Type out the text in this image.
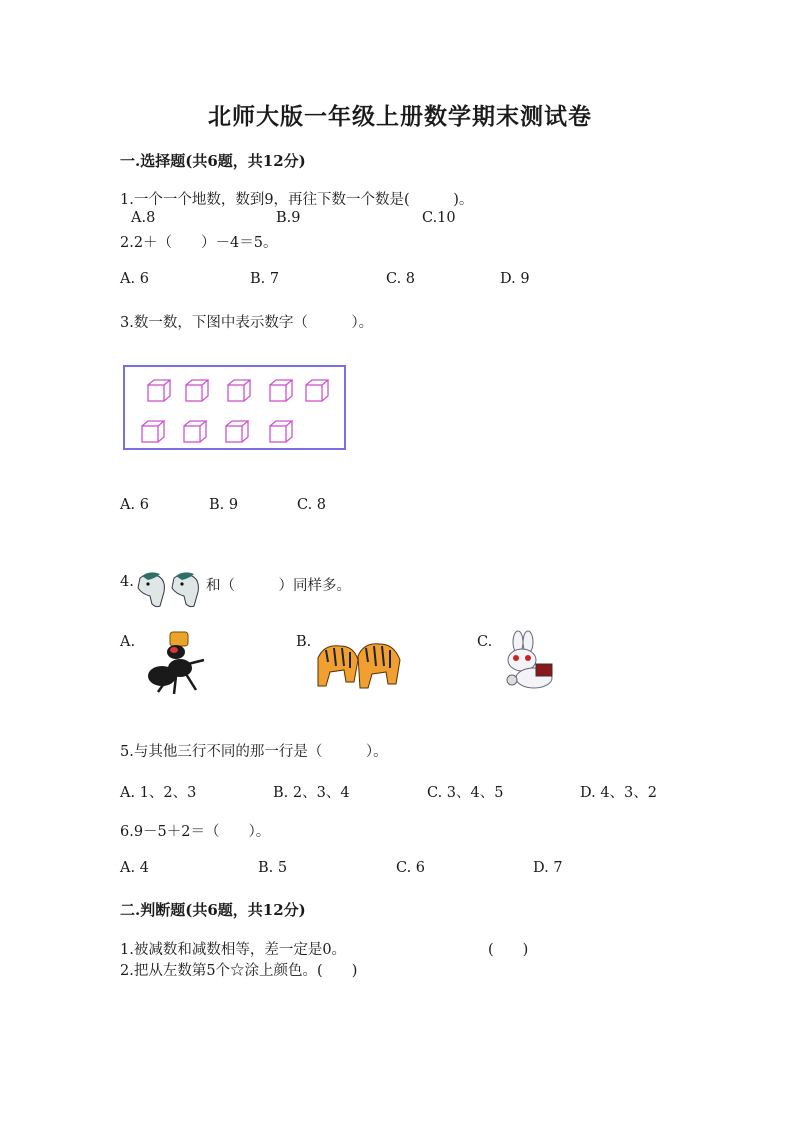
北师大版一年级上册数学期末测试卷
一.选择题(共6题，共12分)
1.一个一个地数，数到9，再往下数一个数是(　　　)。
A.8	B.9	C.10
2.2＋（　　）－4＝5。
A. 6	B. 7	C. 8	D. 9
3.数一数，下图中表示数字（　　　）。
A. 6	B. 9	C. 8
4.	和（　　　）同样多。
A.	B.	C.
5.与其他三行不同的那一行是（　　　）。
A. 1、2、3	B. 2、3、4	C. 3、4、5	D. 4、3、2
6.9－5＋2＝（　　）。
A. 4	B. 5	C. 6	D. 7
二.判断题(共6题，共12分)
1.被减数和减数相等，差一定是0。	(　　)
2.把从左数第5个☆涂上颜色。(　　)
